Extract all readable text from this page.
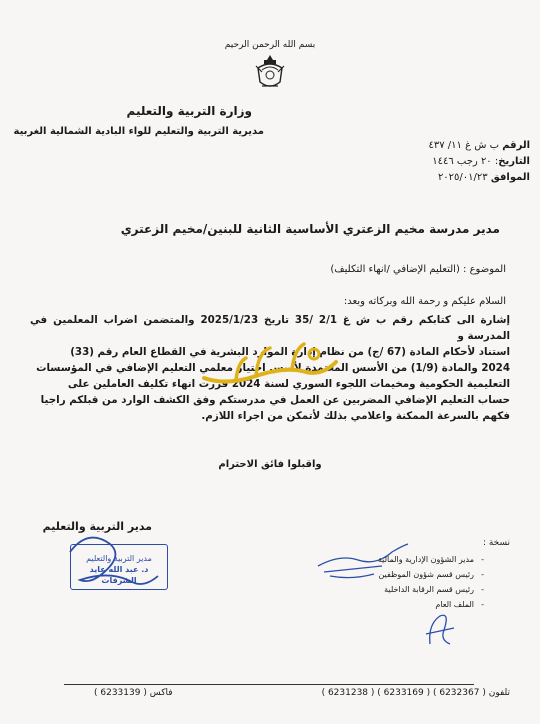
بسم الله الرحمن الرحيم
وزارة التربية والتعليم
مديرية التربية والتعليم للواء البادية الشمالية الغربية
الرقم ب ش غ ١١/ ٤٣٧
التاريخ: ٢٠ رجب ١٤٤٦
الموافق ٢٠٢٥/٠١/٢٣
مدير مدرسة مخيم الزعتري الأساسية الثانية للبنين/مخيم الزعتري
الموضوع : (التعليم الإضافي /انهاء التكليف)
السلام عليكم و رحمة الله وبركاته وبعد:
إشارة الى كتابكم رقم ب ش غ 2/1 /35 تاريخ 2025/1/23 والمتضمن اضراب المعلمين في المدرسة و
استناد لأحكام المادة (67 /ج) من نظام إدارة الموارد البشرية في القطاع العام رقم (33)
2024 والمادة (1/9) من الأسس المعتمدة لأسس اختيار معلمي التعليم الإضافي في المؤسسات
التعليمية الحكومية ومخيمات اللجوء السوري لسنة 2024 قررت انهاء تكليف العاملين على
حساب التعليم الإضافي المضربين عن العمل في مدرستكم وفق الكشف الوارد من قبلكم راجيا
فكهم بالسرعة الممكنة واعلامي بذلك لأتمكن من اجراء اللازم.
واقبلوا فائق الاحترام
مدير التربية والتعليم
مدير التربية والتعليم
د. عبد الله عايد الشرفات
نسخة :
مدير الشؤون الإدارية والمالية -
رئيس قسم شؤون الموظفين -
رئيس قسم الرقابة الداخلية -
الملف العام -
تلفون ( 6232367 ) ( 6233169 ) ( 6231238 )
فاكس ( 6233139 )
